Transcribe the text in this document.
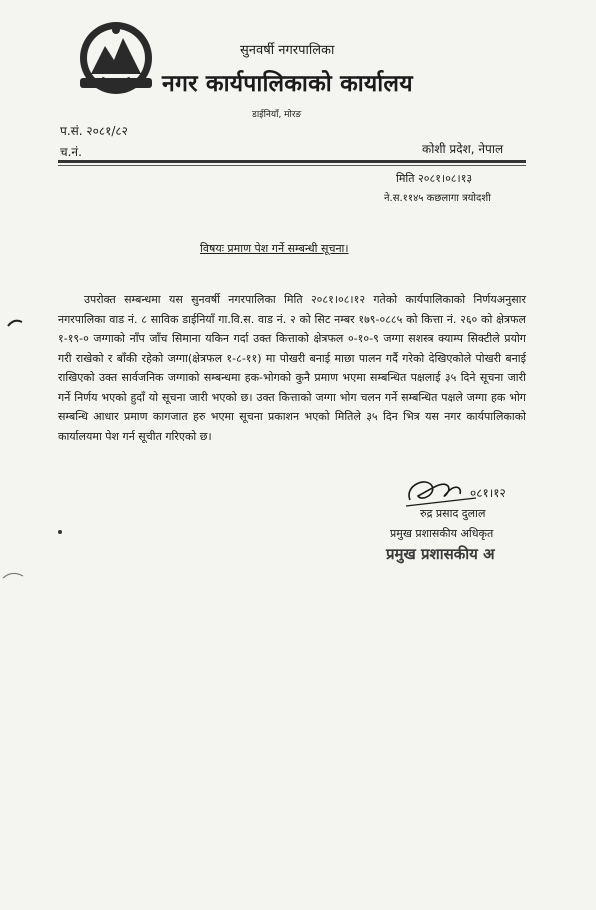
सुनवर्षी नगरपालिका
नगर कार्यपालिकाको कार्यालय
डाईनियाँ, मोरङ
प.सं. २०८१/८२
च.नं.	कोशी प्रदेश, नेपाल
मिति २०८१।०८।१३
ने.स.११४५ कछलागा त्रयोदशी
विषयः प्रमाण पेश गर्ने सम्बन्धी सूचना।

उपरोक्त सम्बन्धमा यस सुनवर्षी नगरपालिका मिति २०८१।०८।१२ गतेको कार्यपालिकाको निर्णयअनुसार नगरपालिका वाड नं. ८ साविक डाईनियाँ गा.वि.स. वाड नं. २ को सिट नम्बर १७९-०८८५ को कित्ता नं. २६० को क्षेत्रफल १-१९-० जग्गाको नाँप जाँच सिमाना यकिन गर्दा उक्त कित्ताको क्षेत्रफल ०-१०-९ जग्गा सशस्त्र क्याम्प सिक्टीले प्रयोग गरी राखेको र बाँकी रहेको जग्गा(क्षेत्रफल १-८-११) मा पोखरी बनाई माछा पालन गर्दै गरेको देखिएकोले पोखरी बनाई राखिएको उक्त सार्वजनिक जग्गाको सम्बन्धमा हक-भोगको कुनै प्रमाण भएमा सम्बन्धित पक्षलाई ३५ दिने सूचना जारी गर्ने निर्णय भएको हुदाँ यो सूचना जारी भएको छ। उक्त कित्ताको जग्गा भोग चलन गर्ने सम्बन्धित पक्षले जग्गा हक भोग सम्बन्धि आधार प्रमाण कागजात हरु भएमा सूचना प्रकाशन भएको मितिले ३५ दिन भित्र यस नगर कार्यपालिकाको कार्यालयमा पेश गर्न सूचीत गरिएको छ।

०८१।१२
रुद्र प्रसाद दुलाल
प्रमुख प्रशासकीय अधिकृत
प्रमुख प्रशासकीय अ
